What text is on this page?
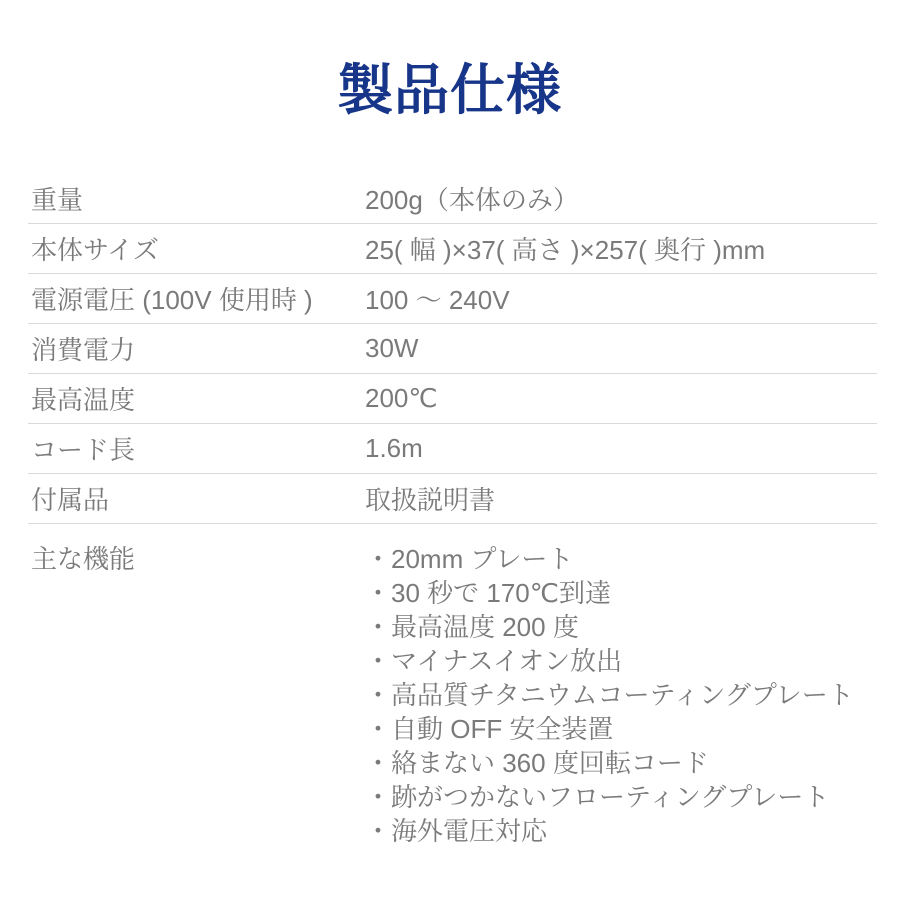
製品仕様
重量	200g（本体のみ）
本体サイズ	25( 幅 )×37( 高さ )×257( 奥行 )mm
電源電圧 (100V 使用時 )	100 ～ 240V
消費電力	30W
最高温度	200℃
コード長	1.6m
付属品	取扱説明書
主な機能	・20mm プレート
・30 秒で 170℃到達
・最高温度 200 度
・マイナスイオン放出
・高品質チタニウムコーティングプレート
・自動 OFF 安全装置
・絡まない 360 度回転コード
・跡がつかないフローティングプレート
・海外電圧対応
